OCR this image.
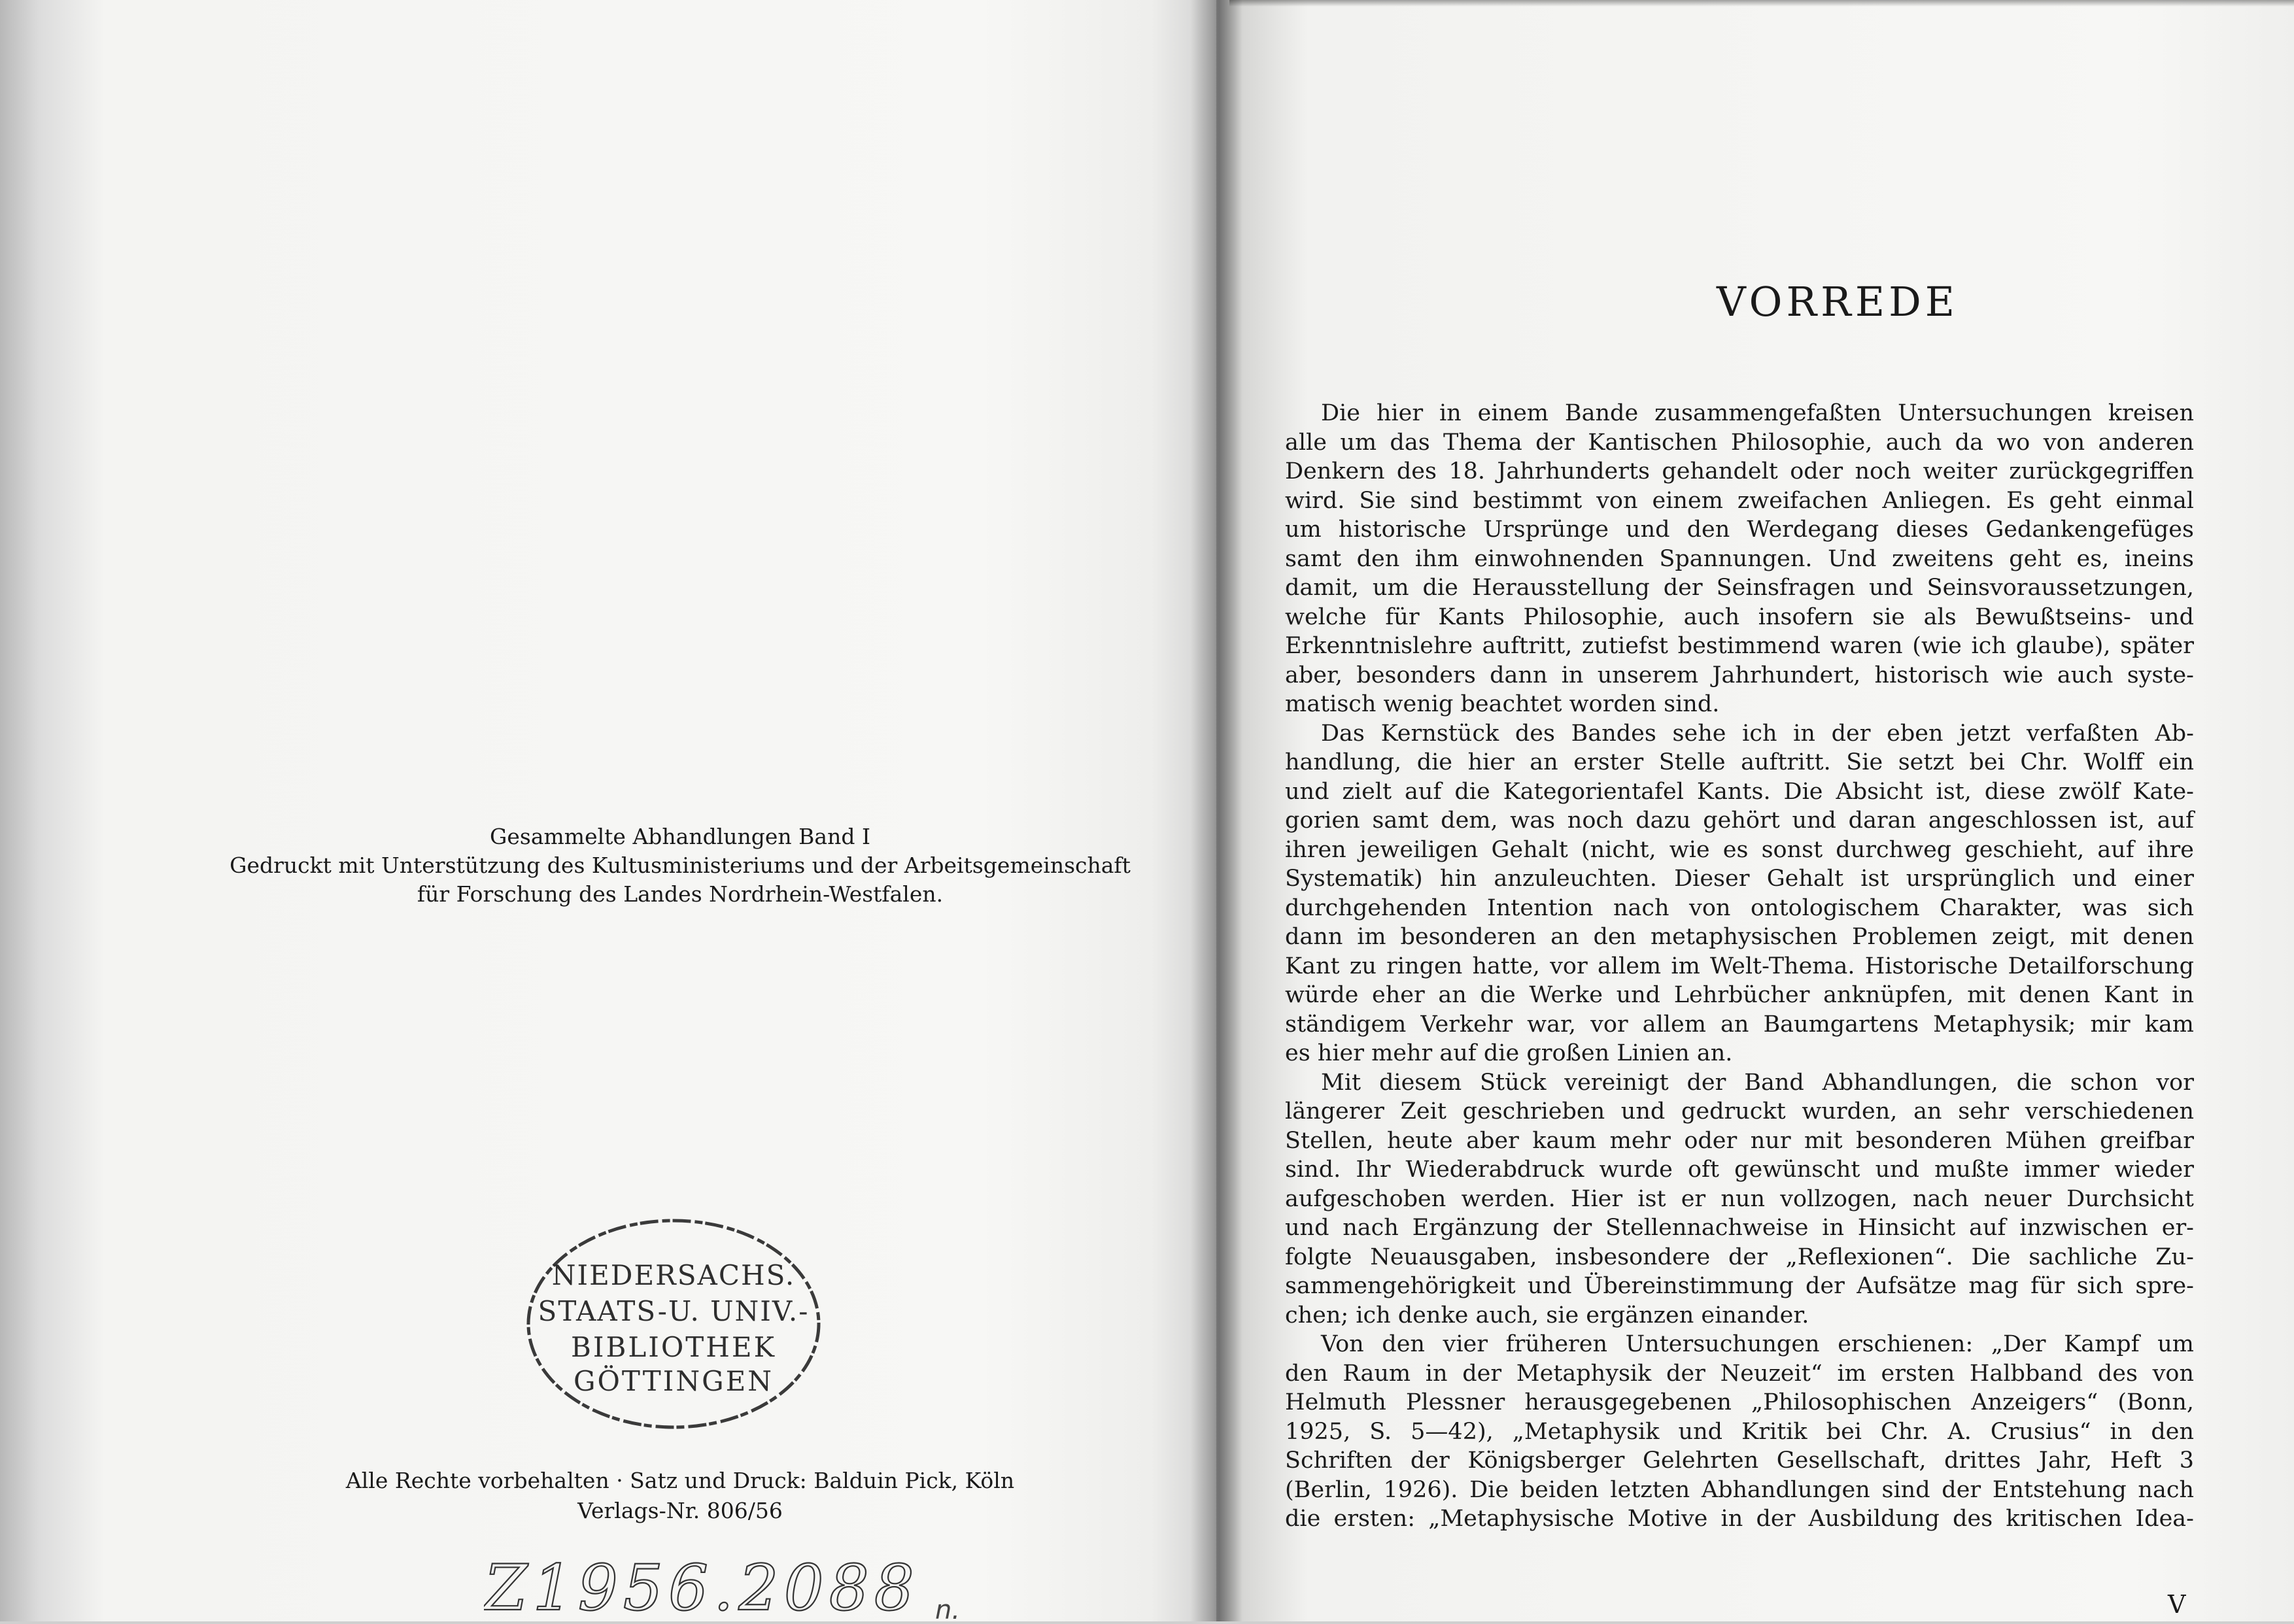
Gesammelte Abhandlungen Band I
Gedruckt mit Unterstützung des Kultusministeriums und der Arbeitsgemeinschaft
für Forschung des Landes Nordrhein-Westfalen.
NIEDERSACHS.
STAATS-U. UNIV.-
BIBLIOTHEK
GÖTTINGEN
Alle Rechte vorbehalten · Satz und Druck: Balduin Pick, Köln
Verlags-Nr. 806/56
Z1956.2088 n.
VORREDE
Die hier in einem Bande zusammengefaßten Untersuchungen kreisen
alle um das Thema der Kantischen Philosophie, auch da wo von anderen
Denkern des 18. Jahrhunderts gehandelt oder noch weiter zurückgegriffen
wird. Sie sind bestimmt von einem zweifachen Anliegen. Es geht einmal
um historische Ursprünge und den Werdegang dieses Gedankengefüges
samt den ihm einwohnenden Spannungen. Und zweitens geht es, ineins
damit, um die Herausstellung der Seinsfragen und Seinsvoraussetzungen,
welche für Kants Philosophie, auch insofern sie als Bewußtseins- und
Erkenntnislehre auftritt, zutiefst bestimmend waren (wie ich glaube), später
aber, besonders dann in unserem Jahrhundert, historisch wie auch syste-
matisch wenig beachtet worden sind.
Das Kernstück des Bandes sehe ich in der eben jetzt verfaßten Ab-
handlung, die hier an erster Stelle auftritt. Sie setzt bei Chr. Wolff ein
und zielt auf die Kategorientafel Kants. Die Absicht ist, diese zwölf Kate-
gorien samt dem, was noch dazu gehört und daran angeschlossen ist, auf
ihren jeweiligen Gehalt (nicht, wie es sonst durchweg geschieht, auf ihre
Systematik) hin anzuleuchten. Dieser Gehalt ist ursprünglich und einer
durchgehenden Intention nach von ontologischem Charakter, was sich
dann im besonderen an den metaphysischen Problemen zeigt, mit denen
Kant zu ringen hatte, vor allem im Welt-Thema. Historische Detailforschung
würde eher an die Werke und Lehrbücher anknüpfen, mit denen Kant in
ständigem Verkehr war, vor allem an Baumgartens Metaphysik; mir kam
es hier mehr auf die großen Linien an.
Mit diesem Stück vereinigt der Band Abhandlungen, die schon vor
längerer Zeit geschrieben und gedruckt wurden, an sehr verschiedenen
Stellen, heute aber kaum mehr oder nur mit besonderen Mühen greifbar
sind. Ihr Wiederabdruck wurde oft gewünscht und mußte immer wieder
aufgeschoben werden. Hier ist er nun vollzogen, nach neuer Durchsicht
und nach Ergänzung der Stellennachweise in Hinsicht auf inzwischen er-
folgte Neuausgaben, insbesondere der „Reflexionen“. Die sachliche Zu-
sammengehörigkeit und Übereinstimmung der Aufsätze mag für sich spre-
chen; ich denke auch, sie ergänzen einander.
Von den vier früheren Untersuchungen erschienen: „Der Kampf um
den Raum in der Metaphysik der Neuzeit“ im ersten Halbband des von
Helmuth Plessner herausgegebenen „Philosophischen Anzeigers“ (Bonn,
1925, S. 5—42), „Metaphysik und Kritik bei Chr. A. Crusius“ in den
Schriften der Königsberger Gelehrten Gesellschaft, drittes Jahr, Heft 3
(Berlin, 1926). Die beiden letzten Abhandlungen sind der Entstehung nach
die ersten: „Metaphysische Motive in der Ausbildung des kritischen Idea-
V
